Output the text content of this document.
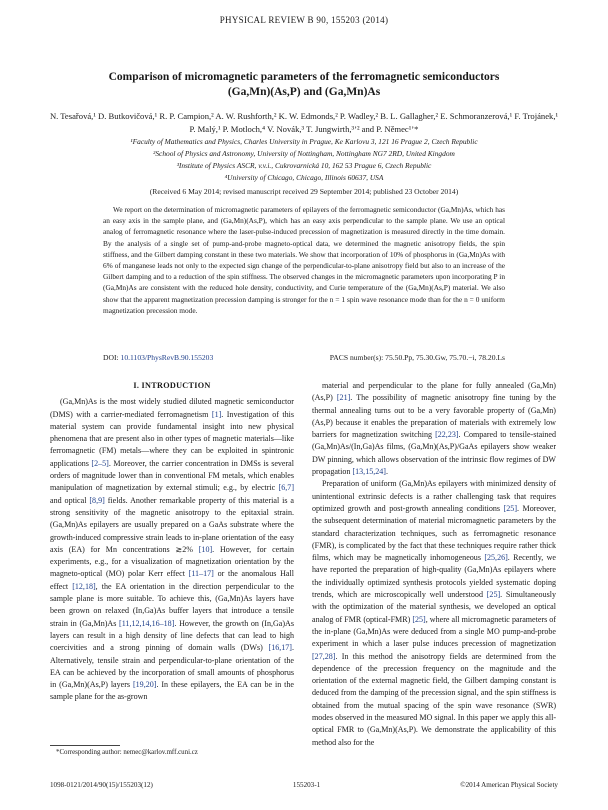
PHYSICAL REVIEW B 90, 155203 (2014)
Comparison of micromagnetic parameters of the ferromagnetic semiconductors (Ga,Mn)(As,P) and (Ga,Mn)As
N. Tesařová,¹ D. Butkovičová,¹ R. P. Campion,² A. W. Rushforth,² K. W. Edmonds,² P. Wadley,² B. L. Gallagher,² E. Schmoranzerová,¹ F. Trojánek,¹ P. Malý,¹ P. Motloch,⁴ V. Novák,³ T. Jungwirth,³ʼ² and P. Němec¹ʼ*
¹Faculty of Mathematics and Physics, Charles University in Prague, Ke Karlovu 3, 121 16 Prague 2, Czech Republic
²School of Physics and Astronomy, University of Nottingham, Nottingham NG7 2RD, United Kingdom
³Institute of Physics ASCR, v.v.i., Cukrovarnická 10, 162 53 Prague 6, Czech Republic
⁴University of Chicago, Chicago, Illinois 60637, USA
(Received 6 May 2014; revised manuscript received 29 September 2014; published 23 October 2014)
We report on the determination of micromagnetic parameters of epilayers of the ferromagnetic semiconductor (Ga,Mn)As, which has an easy axis in the sample plane, and (Ga,Mn)(As,P), which has an easy axis perpendicular to the sample plane. We use an optical analog of ferromagnetic resonance where the laser-pulse-induced precession of magnetization is measured directly in the time domain. By the analysis of a single set of pump-and-probe magneto-optical data, we determined the magnetic anisotropy fields, the spin stiffness, and the Gilbert damping constant in these two materials. We show that incorporation of 10% of phosphorus in (Ga,Mn)As with 6% of manganese leads not only to the expected sign change of the perpendicular-to-plane anisotropy field but also to an increase of the Gilbert damping and to a reduction of the spin stiffness. The observed changes in the micromagnetic parameters upon incorporating P in (Ga,Mn)As are consistent with the reduced hole density, conductivity, and Curie temperature of the (Ga,Mn)(As,P) material. We also show that the apparent magnetization precession damping is stronger for the n = 1 spin wave resonance mode than for the n = 0 uniform magnetization precession mode.
DOI: 10.1103/PhysRevB.90.155203	PACS number(s): 75.50.Pp, 75.30.Gw, 75.70.−i, 78.20.Ls
I. INTRODUCTION

(Ga,Mn)As is the most widely studied diluted magnetic semiconductor (DMS) with a carrier-mediated ferromagnetism [1]. Investigation of this material system can provide fundamental insight into new physical phenomena that are present also in other types of magnetic materials—like ferromagnetic (FM) metals—where they can be exploited in spintronic applications [2–5]. Moreover, the carrier concentration in DMSs is several orders of magnitude lower than in conventional FM metals, which enables manipulation of magnetization by external stimuli; e.g., by electric [6,7] and optical [8,9] fields. Another remarkable property of this material is a strong sensitivity of the magnetic anisotropy to the epitaxial strain. (Ga,Mn)As epilayers are usually prepared on a GaAs substrate where the growth-induced compressive strain leads to in-plane orientation of the easy axis (EA) for Mn concentrations ≳2% [10]. However, for certain experiments, e.g., for a visualization of magnetization orientation by the magneto-optical (MO) polar Kerr effect [11–17] or the anomalous Hall effect [12,18], the EA orientation in the direction perpendicular to the sample plane is more suitable. To achieve this, (Ga,Mn)As layers have been grown on relaxed (In,Ga)As buffer layers that introduce a tensile strain in (Ga,Mn)As [11,12,14,16–18]. However, the growth on (In,Ga)As layers can result in a high density of line defects that can lead to high coercivities and a strong pinning of domain walls (DWs) [16,17]. Alternatively, tensile strain and perpendicular-to-plane orientation of the EA can be achieved by the incorporation of small amounts of phosphorus in (Ga,Mn)(As,P) layers [19,20]. In these epilayers, the EA can be in the sample plane for the as-grown

material and perpendicular to the plane for fully annealed (Ga,Mn)(As,P) [21]. The possibility of magnetic anisotropy fine tuning by the thermal annealing turns out to be a very favorable property of (Ga,Mn)(As,P) because it enables the preparation of materials with extremely low barriers for magnetization switching [22,23]. Compared to tensile-stained (Ga,Mn)As/(In,Ga)As films, (Ga,Mn)(As,P)/GaAs epilayers show weaker DW pinning, which allows observation of the intrinsic flow regimes of DW propagation [13,15,24].

Preparation of uniform (Ga,Mn)As epilayers with minimized density of unintentional extrinsic defects is a rather challenging task that requires optimized growth and post-growth annealing conditions [25]. Moreover, the subsequent determination of material micromagnetic parameters by the standard characterization techniques, such as ferromagnetic resonance (FMR), is complicated by the fact that these techniques require rather thick films, which may be magnetically inhomogeneous [25,26]. Recently, we have reported the preparation of high-quality (Ga,Mn)As epilayers where the individually optimized synthesis protocols yielded systematic doping trends, which are microscopically well understood [25]. Simultaneously with the optimization of the material synthesis, we developed an optical analog of FMR (optical-FMR) [25], where all micromagnetic parameters of the in-plane (Ga,Mn)As were deduced from a single MO pump-and-probe experiment in which a laser pulse induces precession of magnetization [27,28]. In this method the anisotropy fields are determined from the dependence of the precession frequency on the magnitude and the orientation of the external magnetic field, the Gilbert damping constant is deduced from the damping of the precession signal, and the spin stiffness is obtained from the mutual spacing of the spin wave resonance (SWR) modes observed in the measured MO signal. In this paper we apply this all-optical FMR to (Ga,Mn)(As,P). We demonstrate the applicability of this method also for the

*Corresponding author: nemec@karlov.mff.cuni.cz
1098-0121/2014/90(15)/155203(12)	155203-1	©2014 American Physical Society
